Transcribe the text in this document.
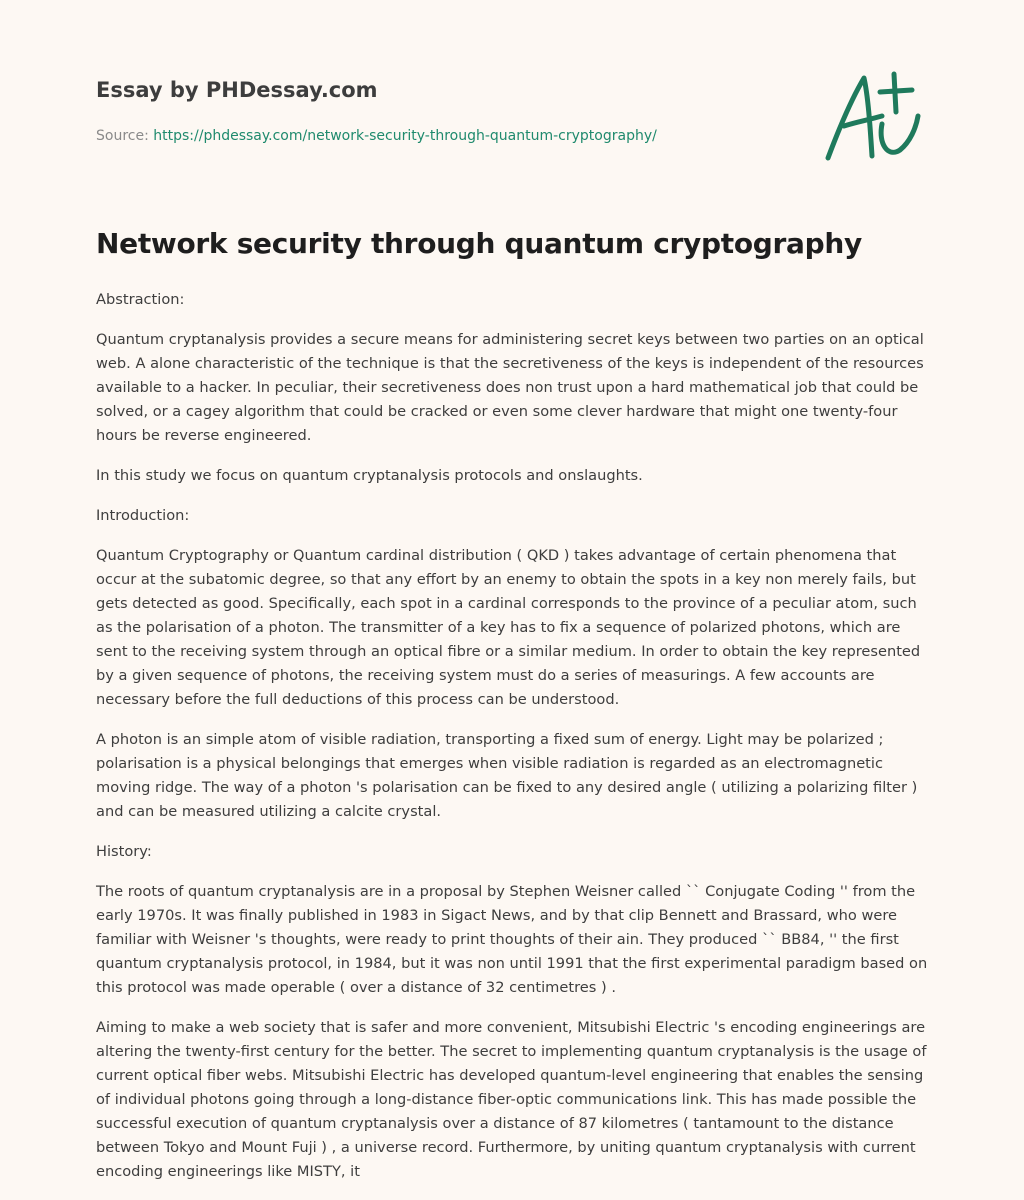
Essay by PHDessay.com
Source: https://phdessay.com/network-security-through-quantum-cryptography/
Network security through quantum cryptography

Abstraction:

Quantum cryptanalysis provides a secure means for administering secret keys between two parties on an optical web. A alone characteristic of the technique is that the secretiveness of the keys is independent of the resources available to a hacker. In peculiar, their secretiveness does non trust upon a hard mathematical job that could be solved, or a cagey algorithm that could be cracked or even some clever hardware that might one twenty-four hours be reverse engineered.

In this study we focus on quantum cryptanalysis protocols and onslaughts.

Introduction:

Quantum Cryptography or Quantum cardinal distribution ( QKD ) takes advantage of certain phenomena that occur at the subatomic degree, so that any effort by an enemy to obtain the spots in a key non merely fails, but gets detected as good. Specifically, each spot in a cardinal corresponds to the province of a peculiar atom, such as the polarisation of a photon. The transmitter of a key has to fix a sequence of polarized photons, which are sent to the receiving system through an optical fibre or a similar medium. In order to obtain the key represented by a given sequence of photons, the receiving system must do a series of measurings. A few accounts are necessary before the full deductions of this process can be understood.

A photon is an simple atom of visible radiation, transporting a fixed sum of energy. Light may be polarized ; polarisation is a physical belongings that emerges when visible radiation is regarded as an electromagnetic moving ridge. The way of a photon 's polarisation can be fixed to any desired angle ( utilizing a polarizing filter ) and can be measured utilizing a calcite crystal.

History:

The roots of quantum cryptanalysis are in a proposal by Stephen Weisner called `` Conjugate Coding '' from the early 1970s. It was finally published in 1983 in Sigact News, and by that clip Bennett and Brassard, who were familiar with Weisner 's thoughts, were ready to print thoughts of their ain. They produced `` BB84, '' the first quantum cryptanalysis protocol, in 1984, but it was non until 1991 that the first experimental paradigm based on this protocol was made operable ( over a distance of 32 centimetres ) .

Aiming to make a web society that is safer and more convenient, Mitsubishi Electric 's encoding engineerings are altering the twenty-first century for the better. The secret to implementing quantum cryptanalysis is the usage of current optical fiber webs. Mitsubishi Electric has developed quantum-level engineering that enables the sensing of individual photons going through a long-distance fiber-optic communications link. This has made possible the successful execution of quantum cryptanalysis over a distance of 87 kilometres ( tantamount to the distance between Tokyo and Mount Fuji ) , a universe record. Furthermore, by uniting quantum cryptanalysis with current encoding engineerings like MISTY, it
